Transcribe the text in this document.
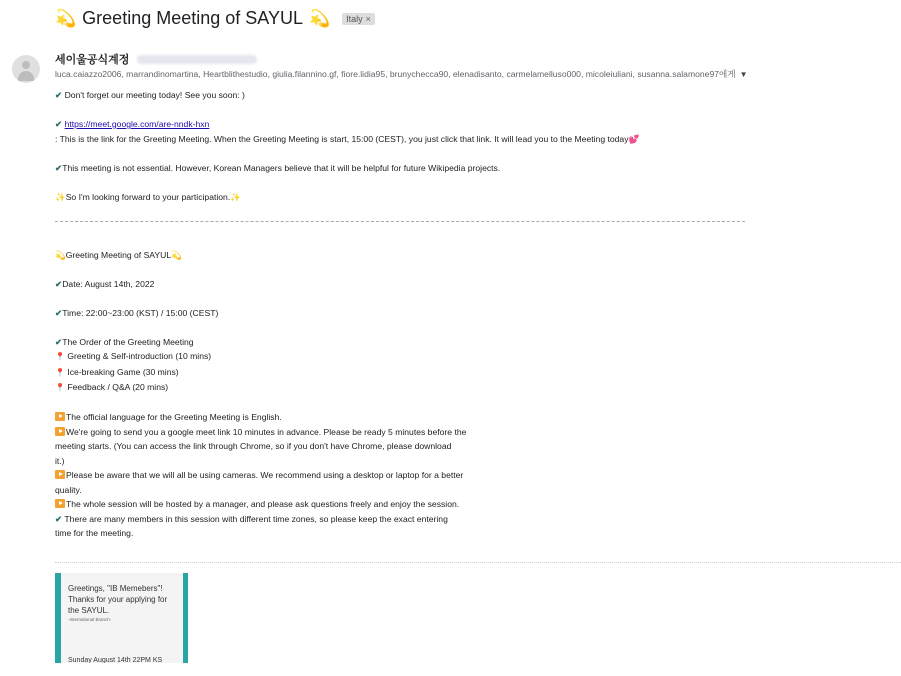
💫 Greeting Meeting of SAYUL 💫 Italy ×
세이울공식계정
luca.caiazzo2006, marrandinomartina, Heartblithestudio, giulia.filannino.gf, fiore.lidia95, brunychecca90, elenadisanto, carmelamelluso000, micoleiuliani, susanna.salamone97에게 ▼

✔ Don't forget our meeting today! See you soon: )

✔ https://meet.google.com/are-nndk-hxn

: This is the link for the Greeting Meeting. When the Greeting Meeting is start, 15:00 (CEST), you just click that link. It will lead you to the Meeting today💕

✔This meeting is not essential. However, Korean Managers believe that it will be helpful for future Wikipedia projects.

✨So I'm looking forward to your participation.✨

💫Greeting Meeting of SAYUL💫

✔Date: August 14th, 2022

✔Time: 22:00~23:00 (KST) / 15:00 (CEST)

✔The Order of the Greeting Meeting

📍 Greeting & Self-introduction (10 mins)

📍 Ice-breaking Game (30 mins)

📍 Feedback / Q&A (20 mins)

The official language for the Greeting Meeting is English.

We're going to send you a google meet link 10 minutes in advance. Please be ready 5 minutes before the

meeting starts. (You can access the link through Chrome, so if you don't have Chrome, please download

it.)

Please be aware that we will all be using cameras. We recommend using a desktop or laptop for a better

quality.

The whole session will be hosted by a manager, and please ask questions freely and enjoy the session.

✔ There are many members in this session with different time zones, so please keep the exact entering

time for the meeting.

Greetings, "IB Memebers"!
Thanks for your applying for
the SAYUL.
-International Branch-
Sunday August 14th 22PM KS
